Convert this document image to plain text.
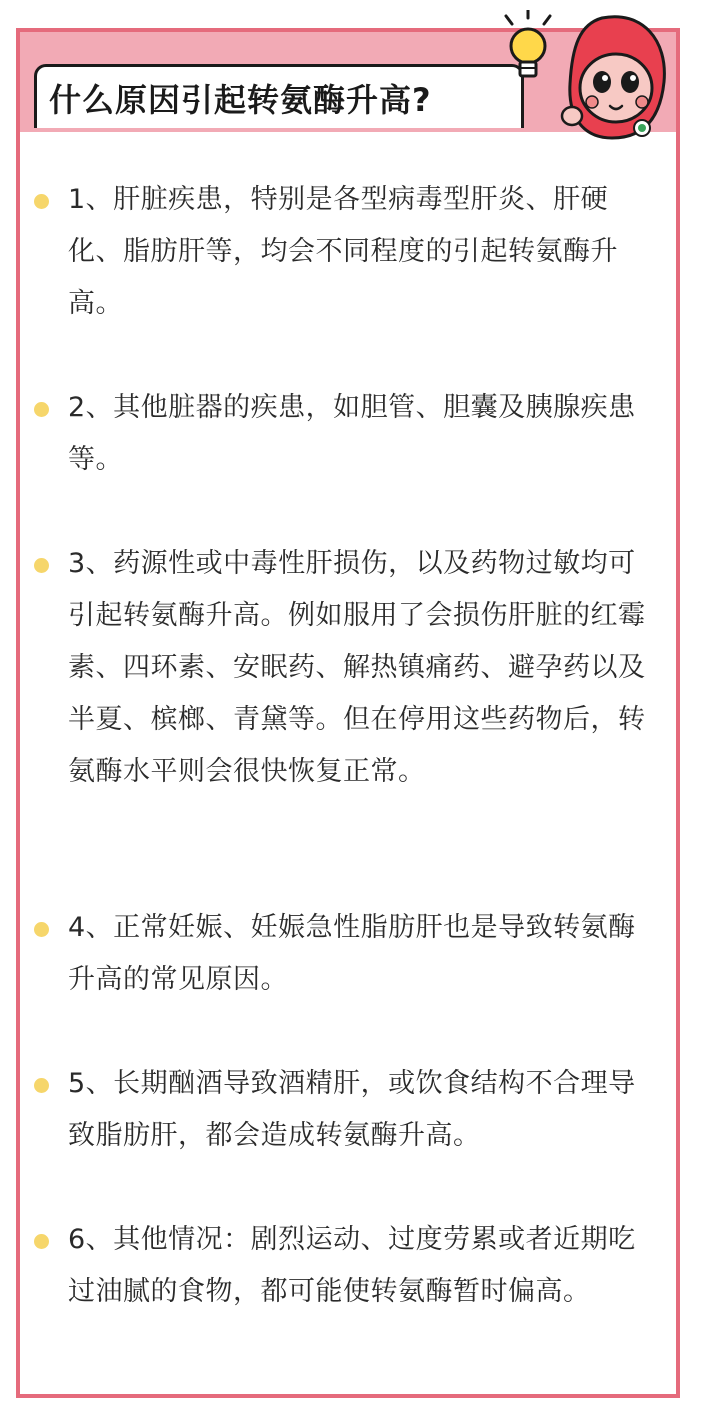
什么原因引起转氨酶升高?
1、肝脏疾患，特别是各型病毒型肝炎、肝硬化、脂肪肝等，均会不同程度的引起转氨酶升高。
2、其他脏器的疾患，如胆管、胆囊及胰腺疾患等。
3、药源性或中毒性肝损伤，以及药物过敏均可引起转氨酶升高。例如服用了会损伤肝脏的红霉素、四环素、安眠药、解热镇痛药、避孕药以及半夏、槟榔、青黛等。但在停用这些药物后，转氨酶水平则会很快恢复正常。
4、正常妊娠、妊娠急性脂肪肝也是导致转氨酶升高的常见原因。
5、长期酗酒导致酒精肝，或饮食结构不合理导致脂肪肝，都会造成转氨酶升高。
6、其他情况：剧烈运动、过度劳累或者近期吃过油腻的食物，都可能使转氨酶暂时偏高。
